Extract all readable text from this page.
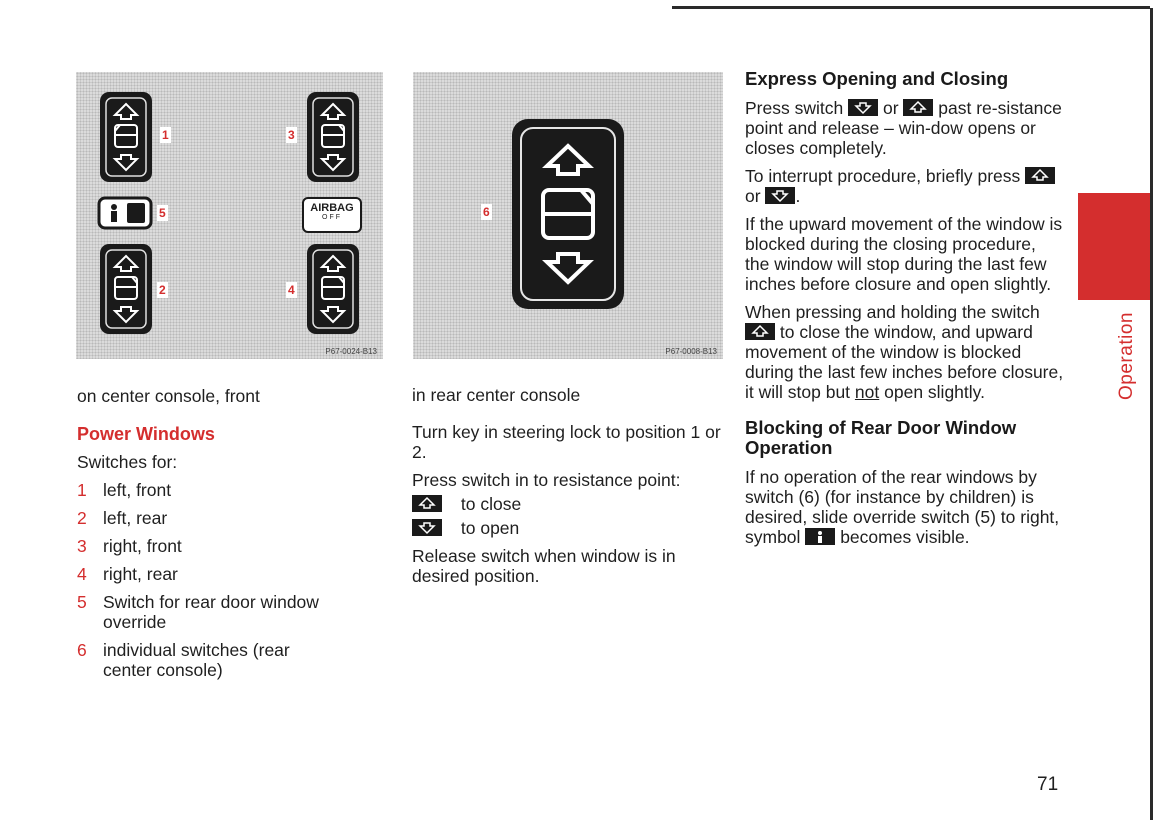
Operation
1	3
5	AIRBAG
OFF
2	4
P67-0024-B13
6
P67-0008-B13

on center console, front

Power Windows

Switches for:

1 left, front
2 left, rear
3 right, front
4 right, rear
5 Switch for rear door window override
6 individual switches (rear center console)

in rear center console

Turn key in steering lock to position 1 or 2.

Press switch in to resistance point:

to close

to open

Release switch when window is in desired position.

Express Opening and Closing

Press switch or past re-sistance point and release – win-dow opens or closes completely.

To interrupt procedure, briefly press
or .

If the upward movement of the window is blocked during the closing procedure, the window will stop during the last few inches before closure and open slightly.

When pressing and holding the switch
to close the window, and upward movement of the window is blocked during the last few inches before closure, it will stop but not open slightly.

Blocking of Rear Door Window Operation

If no operation of the rear windows by switch (6) (for instance by children) is desired, slide override switch (5) to right, symbol becomes visible.

71
